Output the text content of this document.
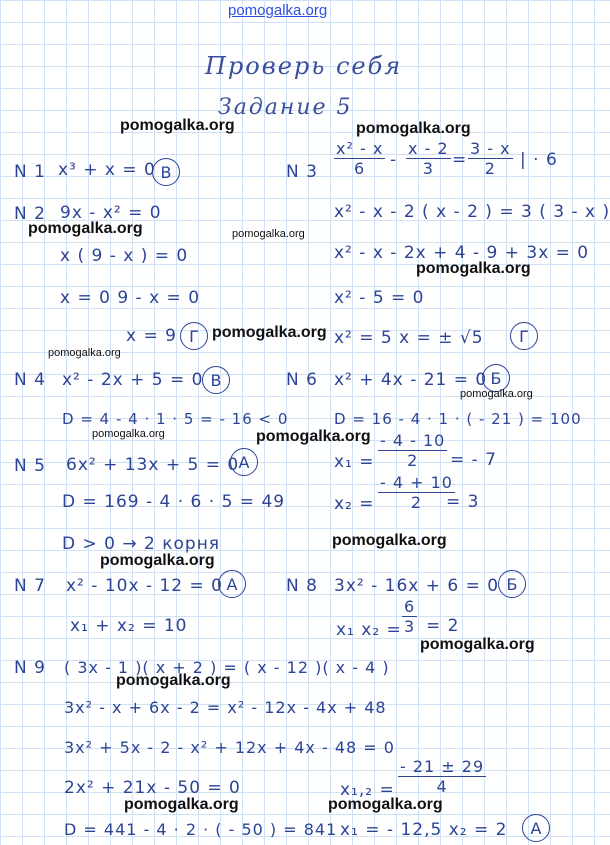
pomogalka.org
Проверь себя
Задание 5
N 1 x³ + x = 0 B
N 2 9x - x² = 0
x ( 9 - x ) = 0
x = 0 9 - x = 0
x = 9 Г
N 3
x² - x
6 -
x - 2
3 =
3 - x
2 | · 6
x² - x - 2 ( x - 2 ) = 3 ( 3 - x )
x² - x - 2x + 4 - 9 + 3x = 0
x² - 5 = 0
x² = 5 x = ± √5 Г
N 4 x² - 2x + 5 = 0 B
D = 4 - 4 · 1 · 5 = - 16 < 0
N 6 x² + 4x - 21 = 0 Б
D = 16 - 4 · 1 · ( - 21 ) = 100
x₁ =
- 4 - 10
2 = - 7
x₂ =
- 4 + 10
2 = 3
N 5 6x² + 13x + 5 = 0 A
D = 169 - 4 · 6 · 5 = 49
D > 0 → 2 корня
N 7 x² - 10x - 12 = 0 A
x₁ + x₂ = 10
N 8 3x² - 16x + 6 = 0 Б
x₁ x₂ =
6
3 = 2
N 9 ( 3x - 1 )( x + 2 ) = ( x - 12 )( x - 4 )
3x² - x + 6x - 2 = x² - 12x - 4x + 48
3x² + 5x - 2 - x² + 12x + 4x - 48 = 0
2x² + 21x - 50 = 0
D = 441 - 4 · 2 · ( - 50 ) = 841
x₁,₂ =
- 21 ± 29
4
x₁ = - 12,5 x₂ = 2 A
pomogalka.org	pomogalka.org
pomogalka.org	pomogalka.org
pomogalka.org
pomogalka.org
pomogalka.org
pomogalka.org
pomogalka.org	pomogalka.org
pomogalka.org
pomogalka.org
pomogalka.org
pomogalka.org
pomogalka.org	pomogalka.org
